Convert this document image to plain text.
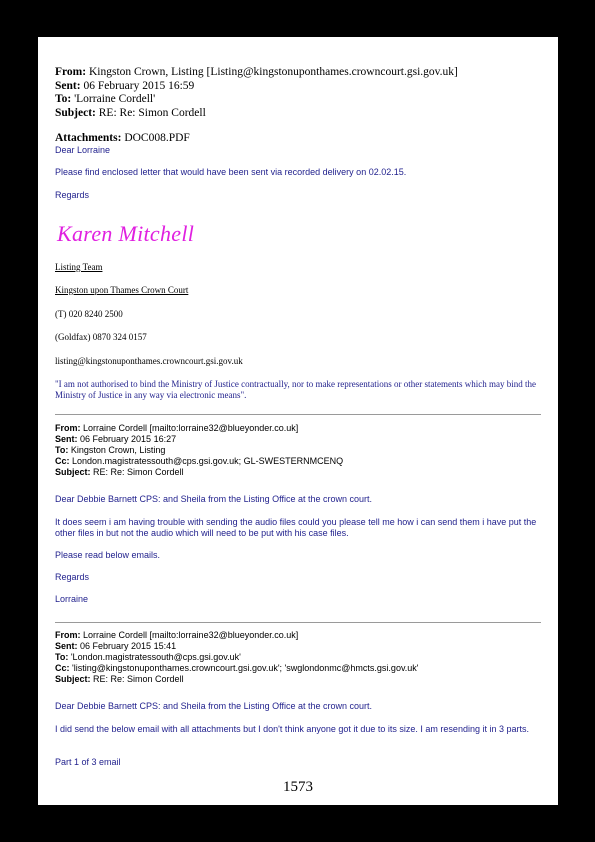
From: Kingston Crown, Listing [Listing@kingstonuponthames.crowncourt.gsi.gov.uk]
Sent: 06 February 2015 16:59
To: 'Lorraine Cordell'
Subject: RE: Re: Simon Cordell
Attachments: DOC008.PDF
Dear Lorraine
Please find enclosed letter that would have been sent via recorded delivery on 02.02.15.
Regards
Karen Mitchell
Listing Team
Kingston upon Thames Crown Court
(T) 020 8240 2500
(Goldfax) 0870 324 0157
listing@kingstonuponthames.crowncourt.gsi.gov.uk
"I am not authorised to bind the Ministry of Justice contractually, nor to make representations or other statements which may bind the Ministry of Justice in any way via electronic means".
From: Lorraine Cordell [mailto:lorraine32@blueyonder.co.uk]
Sent: 06 February 2015 16:27
To: Kingston Crown, Listing
Cc: London.magistratessouth@cps.gsi.gov.uk; GL-SWESTERNMCENQ
Subject: RE: Re: Simon Cordell
Dear Debbie Barnett CPS: and Sheila from the Listing Office at the crown court.
It does seem i am having trouble with sending the audio files could you please tell me how i can send them i have put the other files in but not the audio which will need to be put with his case files.
Please read below emails.
Regards
Lorraine
From: Lorraine Cordell [mailto:lorraine32@blueyonder.co.uk]
Sent: 06 February 2015 15:41
To: 'London.magistratessouth@cps.gsi.gov.uk'
Cc: 'listing@kingstonuponthames.crowncourt.gsi.gov.uk'; 'swglondonmc@hmcts.gsi.gov.uk'
Subject: RE: Re: Simon Cordell
Dear Debbie Barnett CPS: and Sheila from the Listing Office at the crown court.
I did send the below email with all attachments but I don't think anyone got it due to its size. I am resending it in 3 parts.
Part 1 of 3 email
1573
